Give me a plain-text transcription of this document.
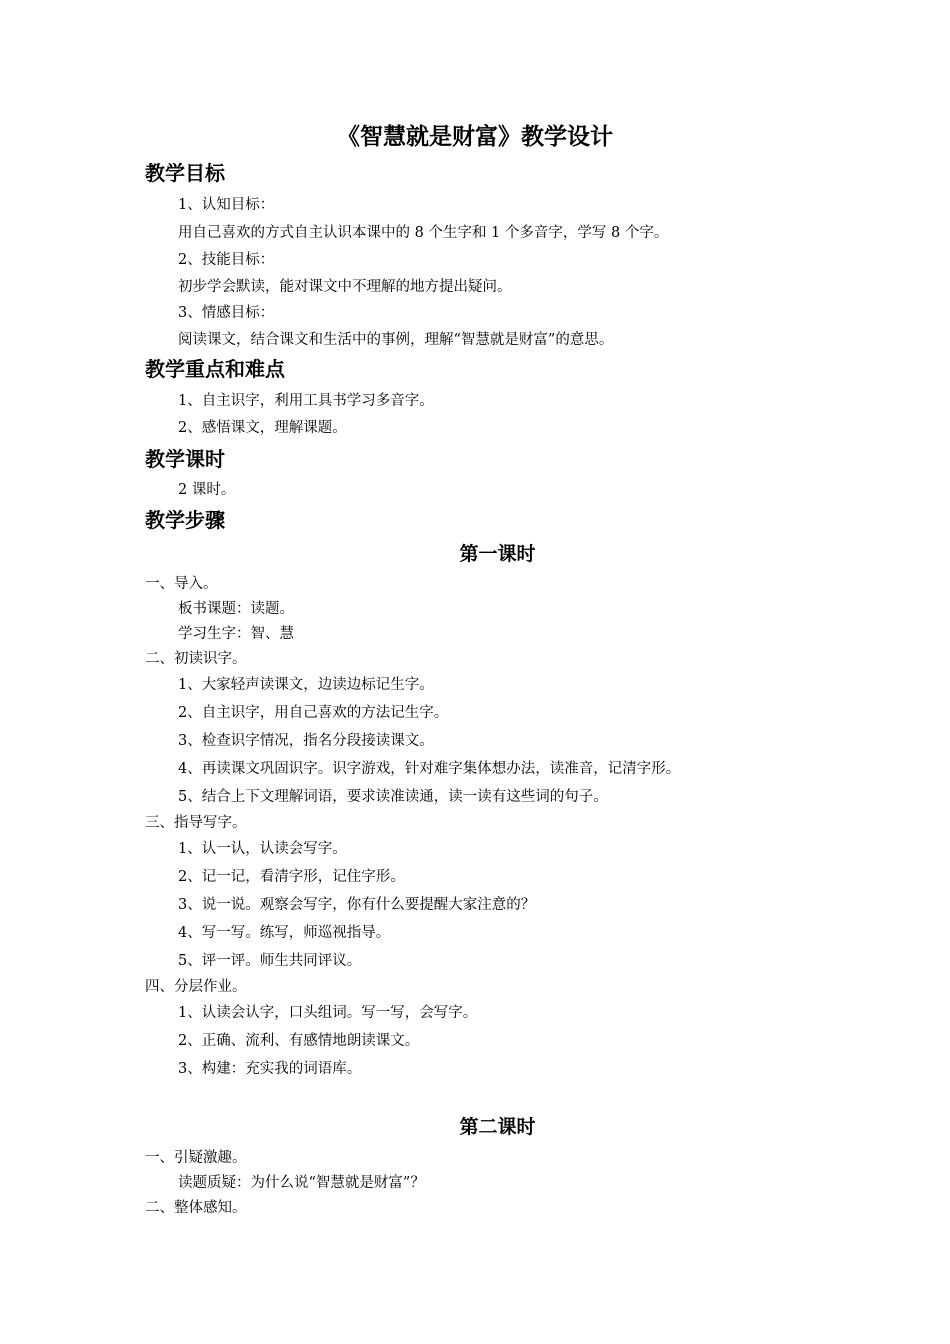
《智慧就是财富》教学设计
教学目标
1、认知目标：
用自己喜欢的方式自主认识本课中的 8 个生字和 1 个多音字，学写 8 个字。
2、技能目标：
初步学会默读，能对课文中不理解的地方提出疑问。
3、情感目标：
阅读课文，结合课文和生活中的事例，理解“智慧就是财富”的意思。
教学重点和难点
1、自主识字，利用工具书学习多音字。
2、感悟课文，理解课题。
教学课时
2 课时。
教学步骤
第一课时
一、导入。
板书课题：读题。
学习生字：智、慧
二、初读识字。
1、大家轻声读课文，边读边标记生字。
2、自主识字，用自己喜欢的方法记生字。
3、检查识字情况，指名分段接读课文。
4、再读课文巩固识字。识字游戏，针对难字集体想办法，读准音，记清字形。
5、结合上下文理解词语，要求读准读通，读一读有这些词的句子。
三、指导写字。
1、认一认，认读会写字。
2、记一记，看清字形，记住字形。
3、说一说。观察会写字，你有什么要提醒大家注意的？
4、写一写。练写，师巡视指导。
5、评一评。师生共同评议。
四、分层作业。
1、认读会认字，口头组词。写一写，会写字。
2、正确、流利、有感情地朗读课文。
3、构建：充实我的词语库。
第二课时
一、引疑激趣。
读题质疑：为什么说“智慧就是财富”？
二、整体感知。
